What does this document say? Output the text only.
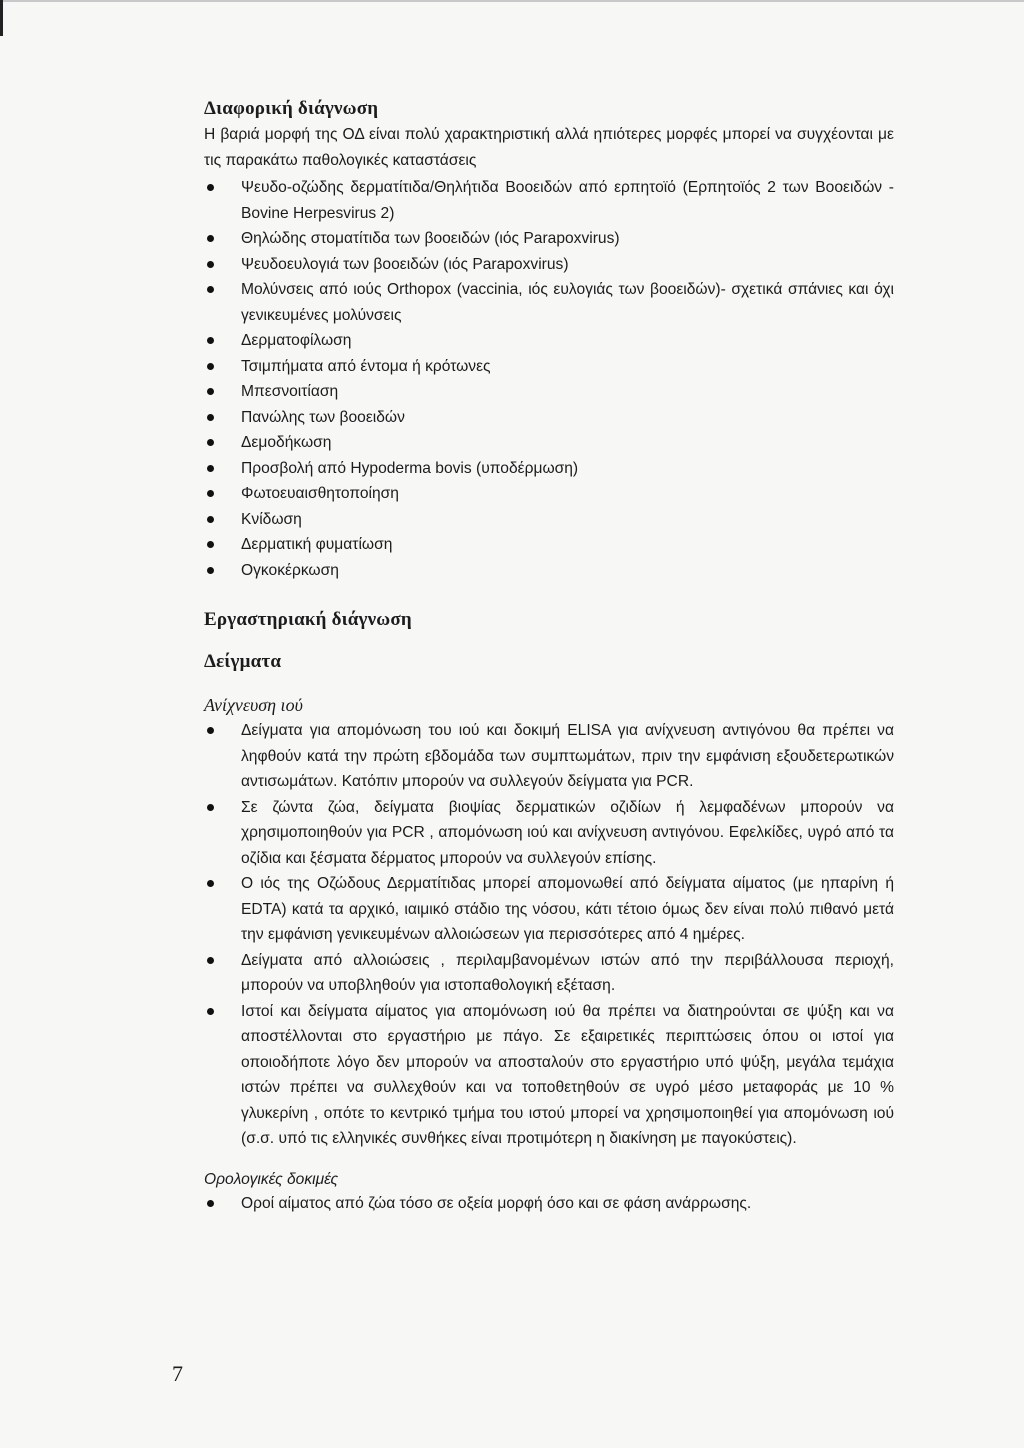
Διαφορική διάγνωση

Η βαριά μορφή της ΟΔ είναι πολύ χαρακτηριστική αλλά ηπιότερες μορφές μπορεί να συγχέονται με τις παρακάτω παθολογικές καταστάσεις

Ψευδο-οζώδης δερματίτιδα/Θηλήτιδα Βοοειδών από ερπητοϊό (Ερπητοϊός 2 των Βοοειδών - Bovine Herpesvirus 2)
Θηλώδης στοματίτιδα των βοοειδών (ιός Parapoxvirus)
Ψευδοευλογιά των βοοειδών (ιός Parapoxvirus)
Μολύνσεις από ιούς Orthopox (vaccinia, ιός ευλογιάς των βοοειδών)- σχετικά σπάνιες και όχι γενικευμένες μολύνσεις
Δερματοφίλωση
Τσιμπήματα από έντομα ή κρότωνες
Μπεσνοιτίαση
Πανώλης των βοοειδών
Δεμοδήκωση
Προσβολή από Hypoderma bovis (υποδέρμωση)
Φωτοευαισθητοποίηση
Κνίδωση
Δερματική φυματίωση
Ογκοκέρκωση
Εργαστηριακή διάγνωση
Δείγματα

Ανίχνευση ιού

Δείγματα για απομόνωση του ιού και δοκιμή ELISA για ανίχνευση αντιγόνου θα πρέπει να ληφθούν κατά την πρώτη εβδομάδα των συμπτωμάτων, πριν την εμφάνιση εξουδετερωτικών αντισωμάτων. Κατόπιν μπορούν να συλλεγούν δείγματα για PCR.
Σε ζώντα ζώα, δείγματα βιοψίας δερματικών οζιδίων ή λεμφαδένων μπορούν να χρησιμοποιηθούν για PCR , απομόνωση ιού και ανίχνευση αντιγόνου. Εφελκίδες, υγρό από τα οζίδια και ξέσματα δέρματος μπορούν να συλλεγούν επίσης.
Ο ιός της Οζώδους Δερματίτιδας μπορεί απομονωθεί από δείγματα αίματος (με ηπαρίνη ή EDTA) κατά τα αρχικό, ιαιμικό στάδιο της νόσου, κάτι τέτοιο όμως δεν είναι πολύ πιθανό μετά την εμφάνιση γενικευμένων αλλοιώσεων για περισσότερες από 4 ημέρες.
Δείγματα από αλλοιώσεις , περιλαμβανομένων ιστών από την περιβάλλουσα περιοχή, μπορούν να υποβληθούν για ιστοπαθολογική εξέταση.
Ιστοί και δείγματα αίματος για απομόνωση ιού θα πρέπει να διατηρούνται σε ψύξη και να αποστέλλονται στο εργαστήριο με πάγο. Σε εξαιρετικές περιπτώσεις όπου οι ιστοί για οποιοδήποτε λόγο δεν μπορούν να αποσταλούν στο εργαστήριο υπό ψύξη, μεγάλα τεμάχια ιστών πρέπει να συλλεχθούν και να τοποθετηθούν σε υγρό μέσο μεταφοράς με 10 % γλυκερίνη , οπότε το κεντρικό τμήμα του ιστού μπορεί να χρησιμοποιηθεί για απομόνωση ιού (σ.σ. υπό τις ελληνικές συνθήκες είναι προτιμότερη η διακίνηση με παγοκύστεις).

Ορολογικές δοκιμές

Οροί αίματος από ζώα τόσο σε οξεία μορφή όσο και σε φάση ανάρρωσης.
7
